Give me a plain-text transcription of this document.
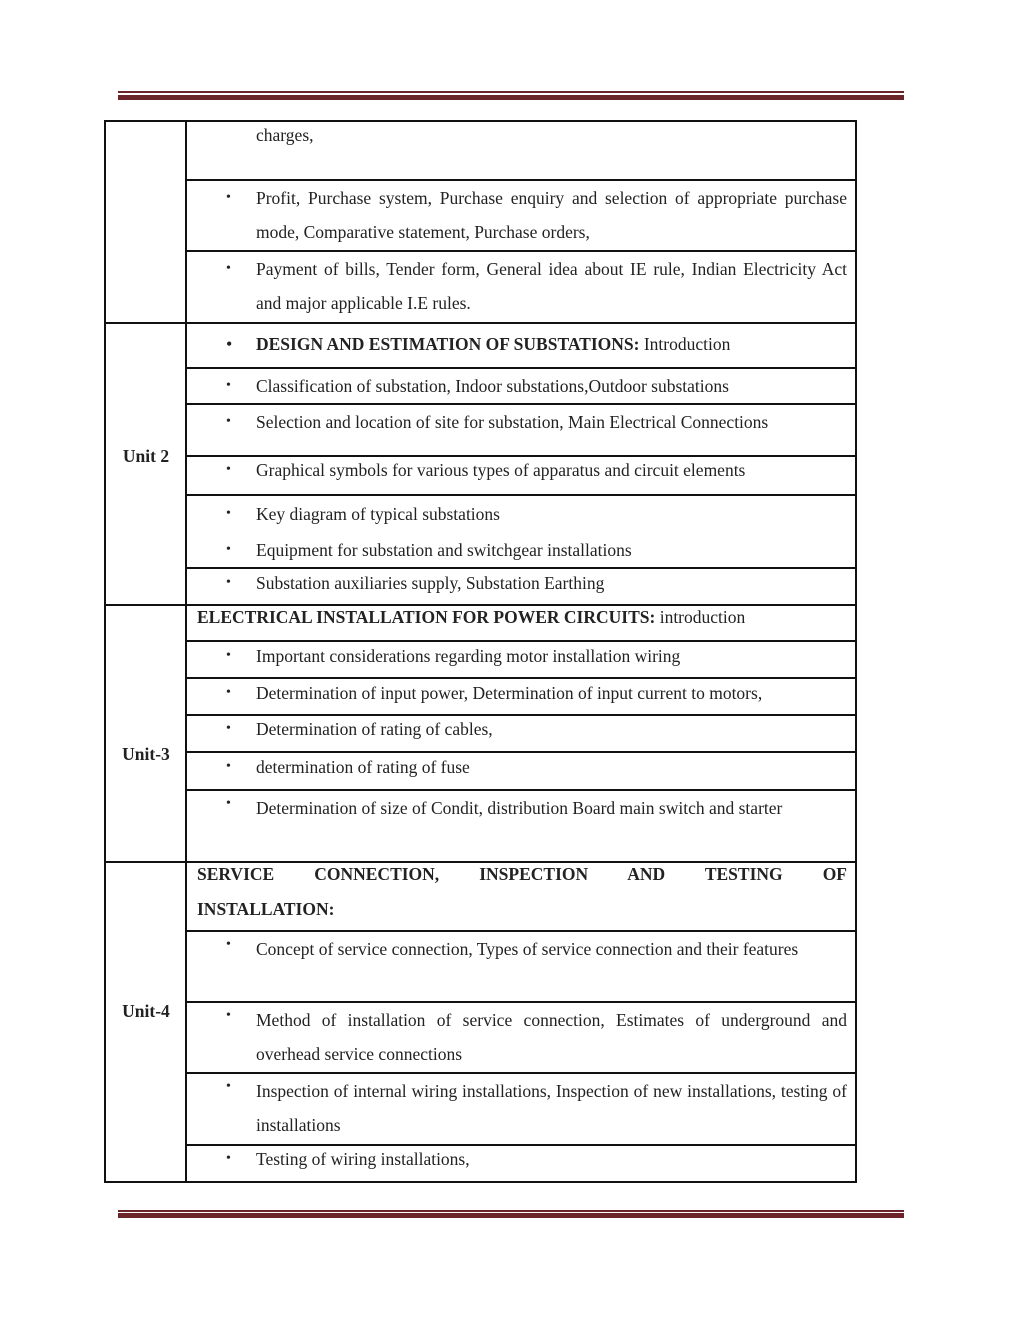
charges,
• Profit, Purchase system, Purchase enquiry and selection of appropriate purchase mode, Comparative statement, Purchase orders,
• Payment of bills, Tender form, General idea about IE rule, Indian Electricity Act and major applicable I.E rules.
Unit 2
• DESIGN AND ESTIMATION OF SUBSTATIONS: Introduction
• Classification of substation, Indoor substations,Outdoor substations
• Selection and location of site for substation, Main Electrical Connections
• Graphical symbols for various types of apparatus and circuit elements
• Key diagram of typical substations
• Equipment for substation and switchgear installations
• Substation auxiliaries supply, Substation Earthing
Unit-3
ELECTRICAL INSTALLATION FOR POWER CIRCUITS: introduction
• Important considerations regarding motor installation wiring
• Determination of input power, Determination of input current to motors,
• Determination of rating of cables,
• determination of rating of fuse
• Determination of size of Condit, distribution Board main switch and starter
Unit-4
SERVICE CONNECTION, INSPECTION AND TESTING OF
INSTALLATION:
• Concept of service connection, Types of service connection and their features
• Method of installation of service connection, Estimates of underground and overhead service connections
• Inspection of internal wiring installations, Inspection of new installations, testing of installations
• Testing of wiring installations,
